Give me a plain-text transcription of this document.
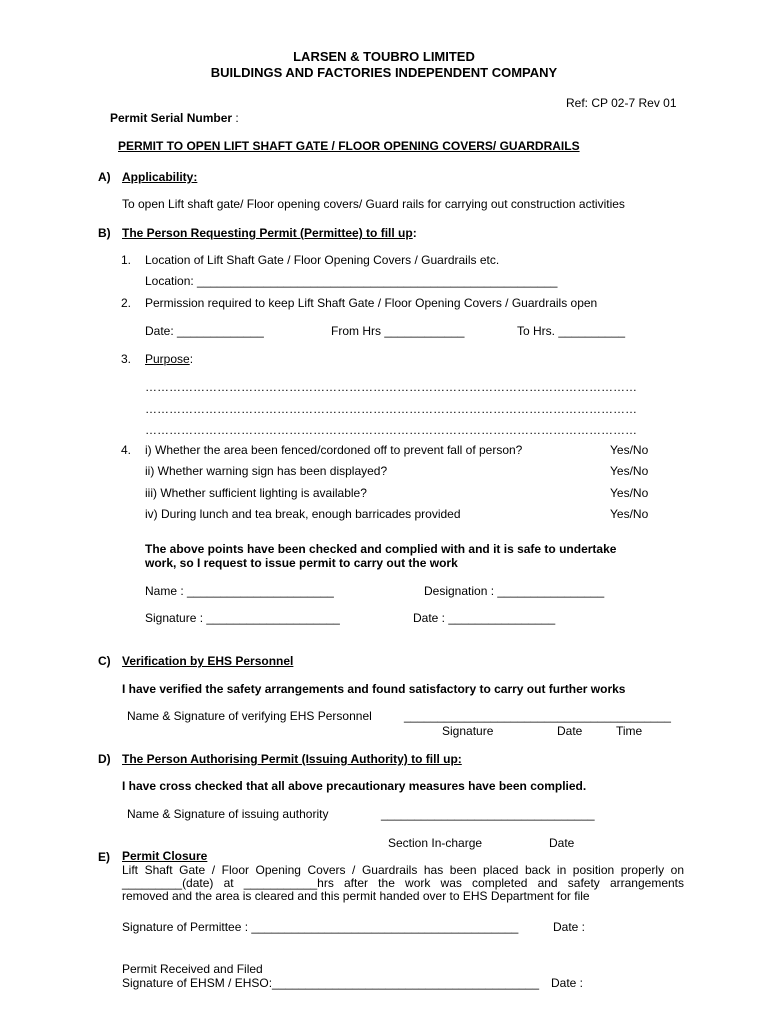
LARSEN & TOUBRO LIMITED
BUILDINGS AND FACTORIES INDEPENDENT COMPANY
Ref: CP 02-7 Rev 01
Permit Serial Number :
PERMIT TO OPEN LIFT SHAFT GATE / FLOOR OPENING COVERS/ GUARDRAILS
A) Applicability:
To open Lift shaft gate/ Floor opening covers/ Guard rails for carrying out construction activities
B) The Person Requesting Permit (Permittee) to fill up:
1. Location of Lift Shaft Gate / Floor Opening Covers / Guardrails etc.
Location: ______________________________________________________
2. Permission required to keep Lift Shaft Gate / Floor Opening Covers / Guardrails open
Date: _____________	From Hrs ____________	To Hrs. __________
3. Purpose:
……………………………………………………………………………………………………………
……………………………………………………………………………………………………………
……………………………………………………………………………………………………………
4. i) Whether the area been fenced/cordoned off to prevent fall of person?	Yes/No
ii) Whether warning sign has been displayed?	Yes/No
iii) Whether sufficient lighting is available?	Yes/No
iv) During lunch and tea break, enough barricades provided	Yes/No
The above points have been checked and complied with and it is safe to undertake
work, so I request to issue permit to carry out the work
Name : ______________________	Designation : ________________
Signature : ____________________	Date : ________________
C) Verification by EHS Personnel
I have verified the safety arrangements and found satisfactory to carry out further works
Name & Signature of verifying EHS Personnel	________________________________________
Signature	Date	Time
D) The Person Authorising Permit (Issuing Authority) to fill up:
I have cross checked that all above precautionary measures have been complied.
Name & Signature of issuing authority	________________________________
Section In-charge	Date
E) Permit Closure
Lift Shaft Gate / Floor Opening Covers / Guardrails has been placed back in position properly on
_________(date) at ___________hrs after the work was completed and safety arrangements
removed and the area is cleared and this permit handed over to EHS Department for file
Signature of Permittee : ________________________________________	Date :
Permit Received and Filed
Signature of EHSM / EHSO:________________________________________ Date :
